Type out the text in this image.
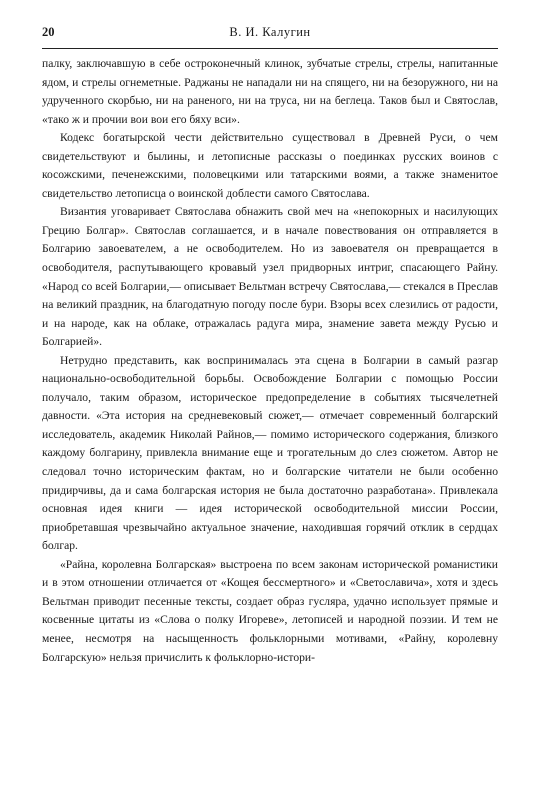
20	В. И. Калугин

палку, заключавшую в себе остроконечный клинок, зубчатые стрелы, стрелы, напитанные ядом, и стрелы огнеметные. Раджаны не нападали ни на спящего, ни на безоружного, ни на удрученного скорбью, ни на раненого, ни на труса, ни на беглеца. Таков был и Святослав, «тако ж и прочии вои вои его бяху вси».

Кодекс богатырской чести действительно существовал в Древней Руси, о чем свидетельствуют и былины, и летописные рассказы о поединках русских воинов с косожскими, печенежскими, половецкими или татарскими воями, а также знаменитое свидетельство летописца о воинской доблести самого Святослава.

Византия уговаривает Святослава обнажить свой меч на «непокорных и насилующих Грецию Болгар». Святослав соглашается, и в начале повествования он отправляется в Болгарию завоевателем, а не освободителем. Но из завоевателя он превращается в освободителя, распутывающего кровавый узел придворных интриг, спасающего Райну. «Народ со всей Болгарии,— описывает Вельтман встречу Святослава,— стекался в Преслав на великий праздник, на благодатную погоду после бури. Взоры всех слезились от радости, и на народе, как на облаке, отражалась радуга мира, знамение завета между Русью и Болгарией».

Нетрудно представить, как воспринималась эта сцена в Болгарии в самый разгар национально-освободительной борьбы. Освобождение Болгарии с помощью России получало, таким образом, историческое предопределение в событиях тысячелетней давности. «Эта история на средневековый сюжет,— отмечает современный болгарский исследователь, академик Николай Райнов,— помимо исторического содержания, близкого каждому болгарину, привлекла внимание еще и трогательным до слез сюжетом. Автор не следовал точно историческим фактам, но и болгарские читатели не были особенно придирчивы, да и сама болгарская история не была достаточно разработана». Привлекала основная идея книги — идея исторической освободительной миссии России, приобретавшая чрезвычайно актуальное значение, находившая горячий отклик в сердцах болгар.

«Райна, королевна Болгарская» выстроена по всем законам исторической романистики и в этом отношении отличается от «Кощея бессмертного» и «Светославича», хотя и здесь Вельтман приводит песенные тексты, создает образ гусляра, удачно использует прямые и косвенные цитаты из «Слова о полку Игореве», летописей и народной поэзии. И тем не менее, несмотря на насыщенность фольклорными мотивами, «Райну, королевну Болгарскую» нельзя причислить к фольклорно-истори-
